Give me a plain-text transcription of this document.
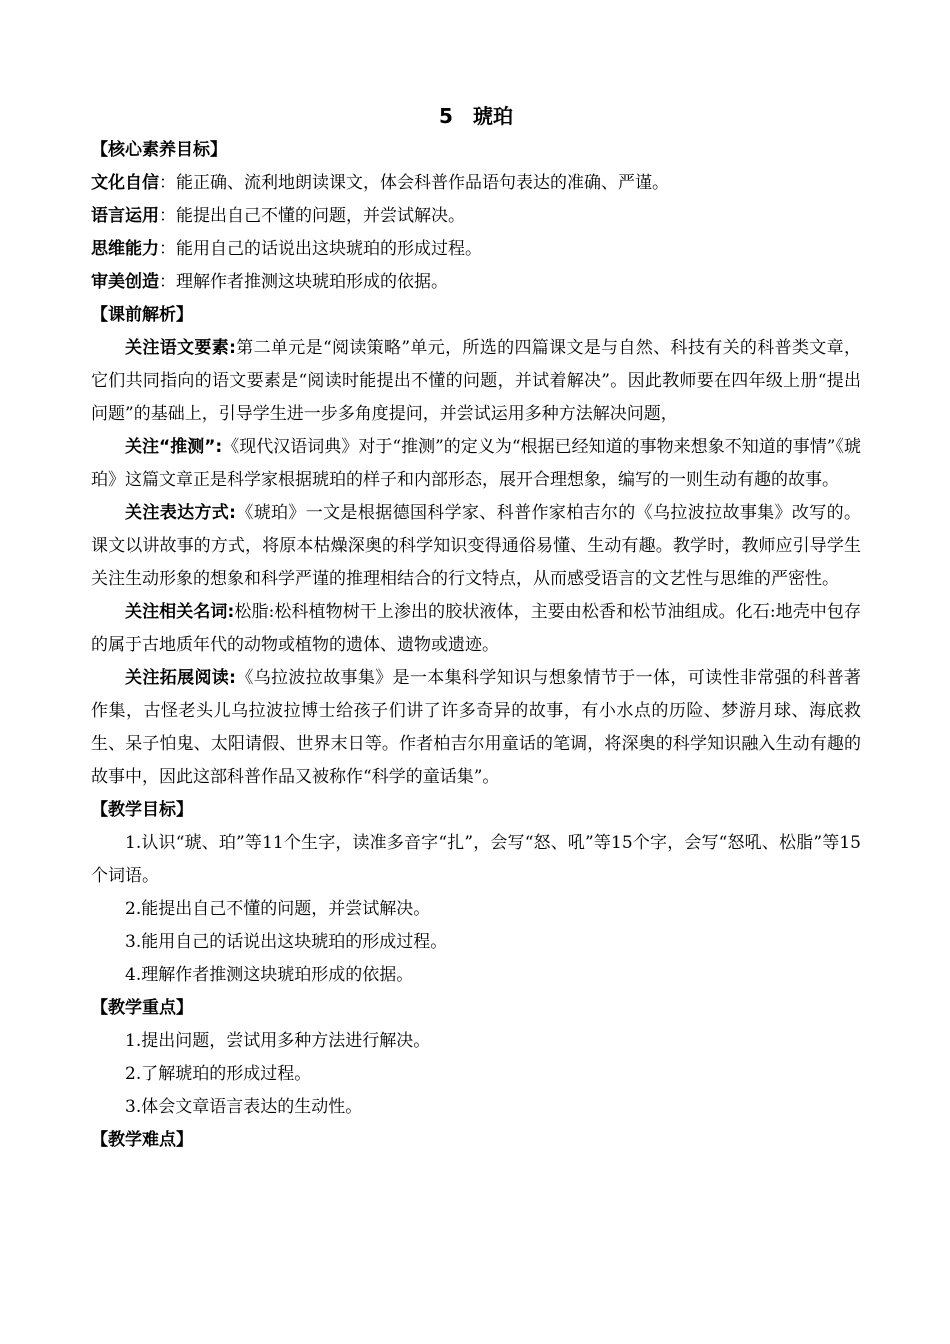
5　琥珀
【核心素养目标】
文化自信：能正确、流利地朗读课文，体会科普作品语句表达的准确、严谨。
语言运用：能提出自己不懂的问题，并尝试解决。
思维能力：能用自己的话说出这块琥珀的形成过程。
审美创造：理解作者推测这块琥珀形成的依据。
【课前解析】
关注语文要素:第二单元是“阅读策略”单元，所选的四篇课文是与自然、科技有关的科普类文章，它们共同指向的语文要素是“阅读时能提出不懂的问题，并试着解决”。因此教师要在四年级上册“提出问题”的基础上，引导学生进一步多角度提问，并尝试运用多种方法解决问题，
关注“推测”:《现代汉语词典》对于“推测”的定义为“根据已经知道的事物来想象不知道的事情”《琥珀》这篇文章正是科学家根据琥珀的样子和内部形态，展开合理想象，编写的一则生动有趣的故事。
关注表达方式:《琥珀》一文是根据德国科学家、科普作家柏吉尔的《乌拉波拉故事集》改写的。课文以讲故事的方式，将原本枯燥深奥的科学知识变得通俗易懂、生动有趣。教学时，教师应引导学生关注生动形象的想象和科学严谨的推理相结合的行文特点，从而感受语言的文艺性与思维的严密性。
关注相关名词:松脂:松科植物树干上渗出的胶状液体，主要由松香和松节油组成。化石:地壳中包存的属于古地质年代的动物或植物的遗体、遗物或遗迹。
关注拓展阅读:《乌拉波拉故事集》是一本集科学知识与想象情节于一体，可读性非常强的科普著作集，古怪老头儿乌拉波拉博士给孩子们讲了许多奇异的故事，有小水点的历险、梦游月球、海底救生、呆子怕鬼、太阳请假、世界末日等。作者柏吉尔用童话的笔调，将深奥的科学知识融入生动有趣的故事中，因此这部科普作品又被称作“科学的童话集”。
【教学目标】
1.认识“琥、珀”等11个生字，读准多音字“扎”，会写“怒、吼”等15个字，会写“怒吼、松脂”等15个词语。
2.能提出自己不懂的问题，并尝试解决。
3.能用自己的话说出这块琥珀的形成过程。
4.理解作者推测这块琥珀形成的依据。
【教学重点】
1.提出问题，尝试用多种方法进行解决。
2.了解琥珀的形成过程。
3.体会文章语言表达的生动性。
【教学难点】
